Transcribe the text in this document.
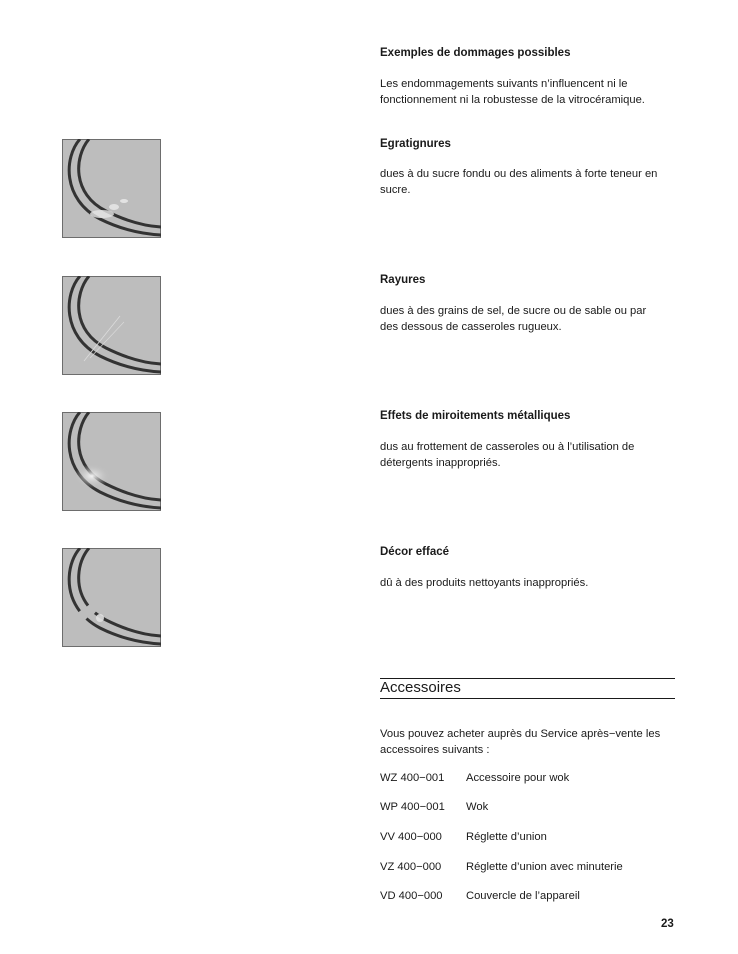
Exemples de dommages possibles
Les endommagements suivants n’influencent ni le
fonctionnement ni la robustesse de la vitrocéramique.
Egratignures
dues à du sucre fondu ou des aliments à forte teneur en
sucre.
Rayures
dues à des grains de sel, de sucre ou de sable ou par
des dessous de casseroles rugueux.
Effets de miroitements métalliques
dus au frottement de casseroles ou à l’utilisation de
détergents inappropriés.
Décor effacé
dû à des produits nettoyants inappropriés.
Accessoires
Vous pouvez acheter auprès du Service après−vente les
accessoires suivants :
WZ 400−001 Accessoire pour wok
WP 400−001 Wok
VV 400−000 Réglette d’union
VZ 400−000 Réglette d’union avec minuterie
VD 400−000 Couvercle de l’appareil
23
